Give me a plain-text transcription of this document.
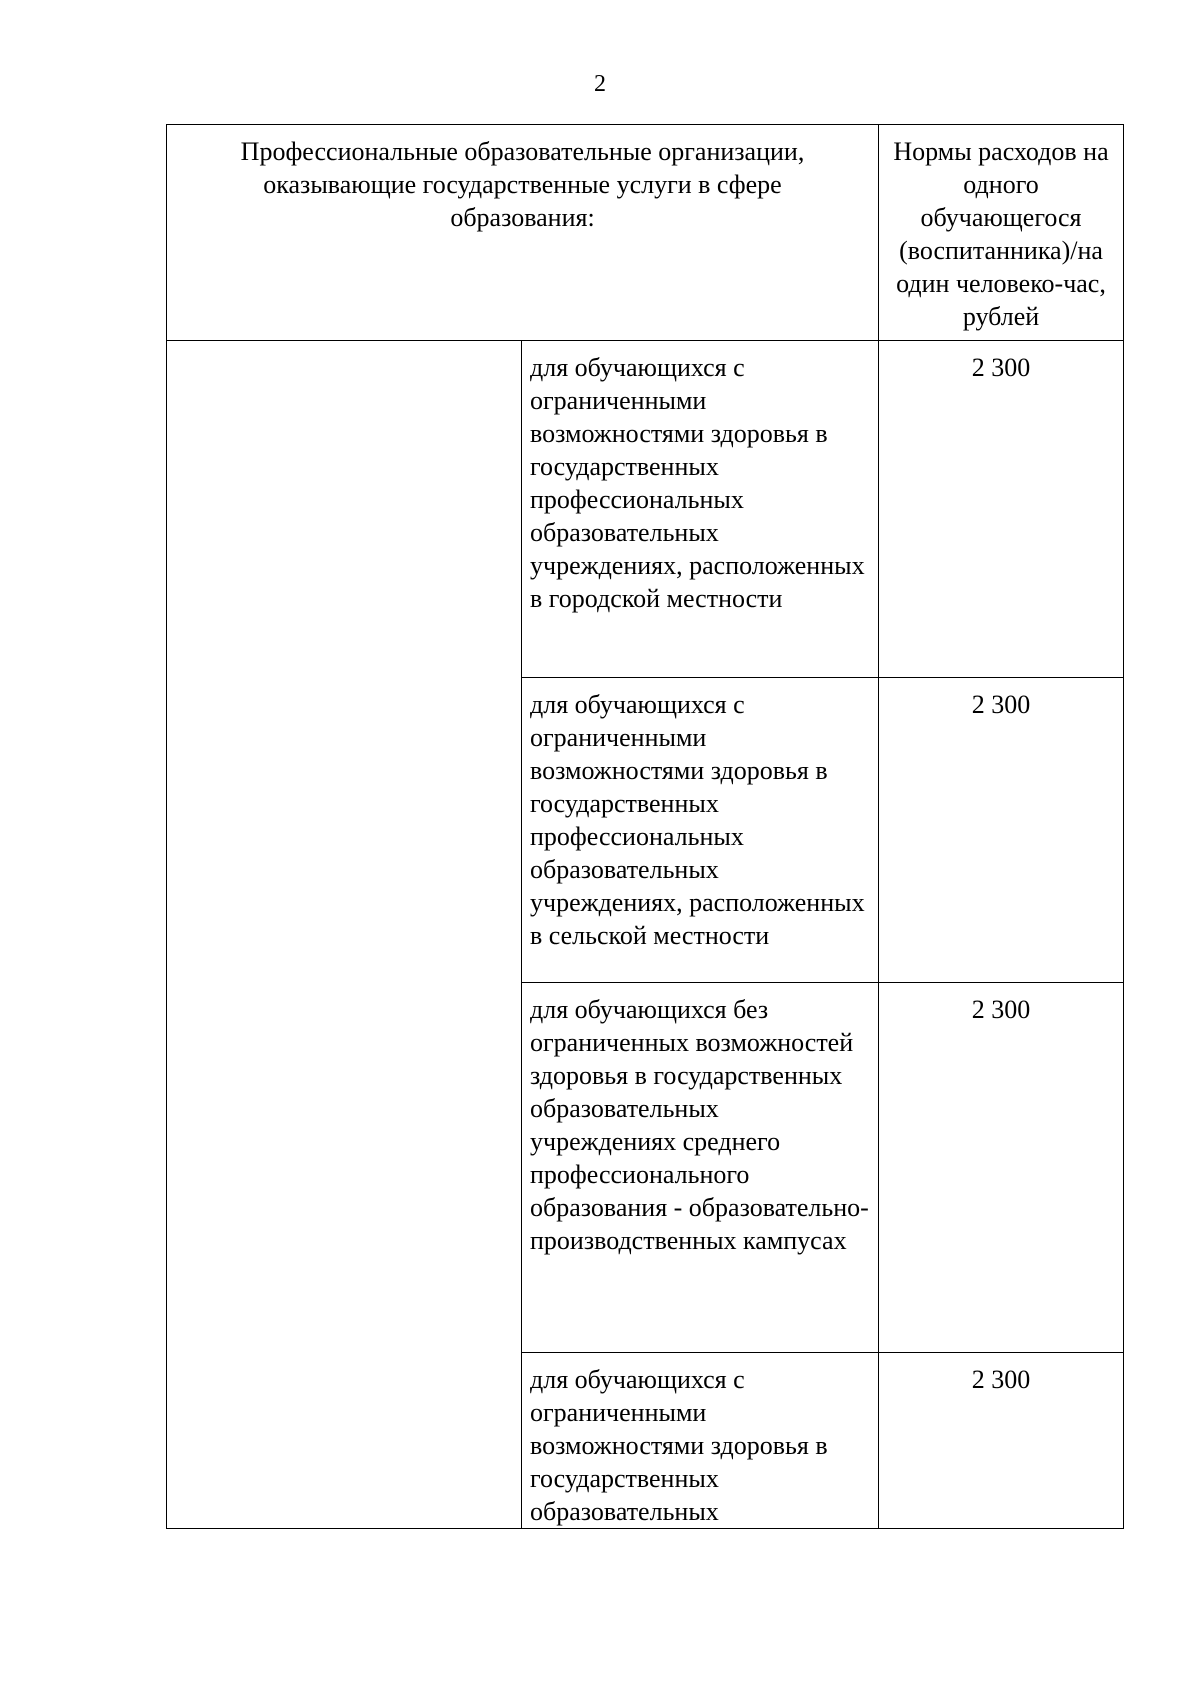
2
Профессиональные образовательные организации, оказывающие государственные услуги в сфере образования:		Нормы расходов на одного обучающегося (воспитанника)/на один человеко-час, рублей
	для обучающихся с ограниченными возможностями здоровья в государственных профессиональных образовательных учреждениях, расположенных в городской местности	2 300
	для обучающихся с ограниченными возможностями здоровья в государственных профессиональных образовательных учреждениях, расположенных в сельской местности	2 300
	для обучающихся без ограниченных возможностей здоровья в государственных образовательных учреждениях среднего профессионального образования - образовательно-производственных кампусах	2 300
	для обучающихся с ограниченными возможностями здоровья в государственных образовательных	2 300
